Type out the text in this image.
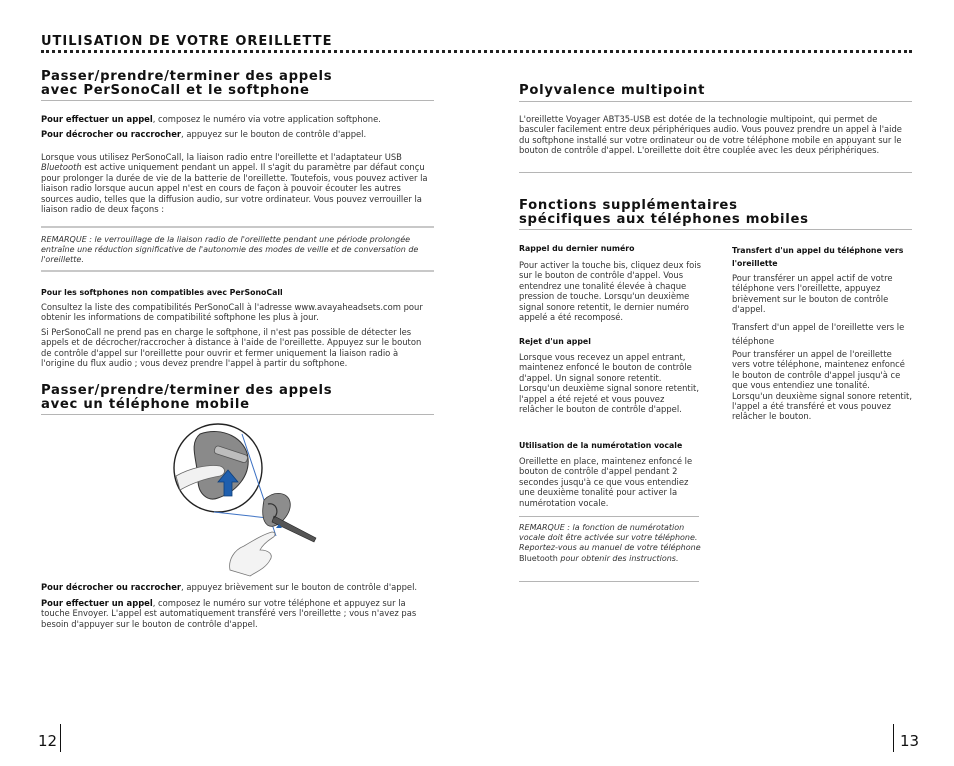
UTILISATION DE VOTRE OREILLETTE
Passer/prendre/terminer des appels
avec PerSonoCall et le softphone
Pour effectuer un appel, composez le numéro via votre application softphone.
Pour décrocher ou raccrocher, appuyez sur le bouton de contrôle d'appel.
Lorsque vous utilisez PerSonoCall, la liaison radio entre l'oreillette et l'adaptateur USB Bluetooth est active uniquement pendant un appel. Il s'agit du paramètre par défaut conçu pour prolonger la durée de vie de la batterie de l'oreillette. Toutefois, vous pouvez activer la liaison radio lorsque aucun appel n'est en cours de façon à pouvoir écouter les autres sources audio, telles que la diffusion audio, sur votre ordinateur. Vous pouvez verrouiller la liaison radio de deux façons :
REMARQUE : le verrouillage de la liaison radio de l'oreillette pendant une période prolongée entraîne une réduction significative de l'autonomie des modes de veille et de conversation de l'oreillette.
Pour les softphones non compatibles avec PerSonoCall
Consultez la liste des compatibilités PerSonoCall à l'adresse www.avayaheadsets.com pour obtenir les informations de compatibilité softphone les plus à jour.
Si PerSonoCall ne prend pas en charge le softphone, il n'est pas possible de détecter les appels et de décrocher/raccrocher à distance à l'aide de l'oreillette. Appuyez sur le bouton de contrôle d'appel sur l'oreillette pour ouvrir et fermer uniquement la liaison radio à l'origine du flux audio ; vous devez prendre l'appel à partir du softphone.
Passer/prendre/terminer des appels
avec un téléphone mobile
Pour décrocher ou raccrocher, appuyez brièvement sur le bouton de contrôle d'appel.
Pour effectuer un appel, composez le numéro sur votre téléphone et appuyez sur la touche Envoyer. L'appel est automatiquement transféré vers l'oreillette ; vous n'avez pas besoin d'appuyer sur le bouton de contrôle d'appel.
12
Polyvalence multipoint
L'oreillette Voyager ABT35-USB est dotée de la technologie multipoint, qui permet de basculer facilement entre deux périphériques audio. Vous pouvez prendre un appel à l'aide du softphone installé sur votre ordinateur ou de votre téléphone mobile en appuyant sur le bouton de contrôle d'appel. L'oreillette doit être couplée avec les deux périphériques.
Fonctions supplémentaires
spécifiques aux téléphones mobiles
Rappel du dernier numéro
Pour activer la touche bis, cliquez deux fois sur le bouton de contrôle d'appel. Vous entendrez une tonalité élevée à chaque pression de touche. Lorsqu'un deuxième signal sonore retentit, le dernier numéro appelé a été recomposé.
Rejet d'un appel
Lorsque vous recevez un appel entrant, maintenez enfoncé le bouton de contrôle d'appel. Un signal sonore retentit. Lorsqu'un deuxième signal sonore retentit, l'appel a été rejeté et vous pouvez relâcher le bouton de contrôle d'appel.
Utilisation de la numérotation vocale
Oreillette en place, maintenez enfoncé le bouton de contrôle d'appel pendant 2 secondes jusqu'à ce que vous entendiez une deuxième tonalité pour activer la numérotation vocale.
REMARQUE : la fonction de numérotation vocale doit être activée sur votre téléphone. Reportez-vous au manuel de votre téléphone Bluetooth pour obtenir des instructions.
Transfert d'un appel du téléphone vers l'oreillette
Pour transférer un appel actif de votre téléphone vers l'oreillette, appuyez brièvement sur le bouton de contrôle d'appel.
Transfert d'un appel de l'oreillette vers le téléphone
Pour transférer un appel de l'oreillette vers votre téléphone, maintenez enfoncé le bouton de contrôle d'appel jusqu'à ce que vous entendiez une tonalité. Lorsqu'un deuxième signal sonore retentit, l'appel a été transféré et vous pouvez relâcher le bouton.
13
